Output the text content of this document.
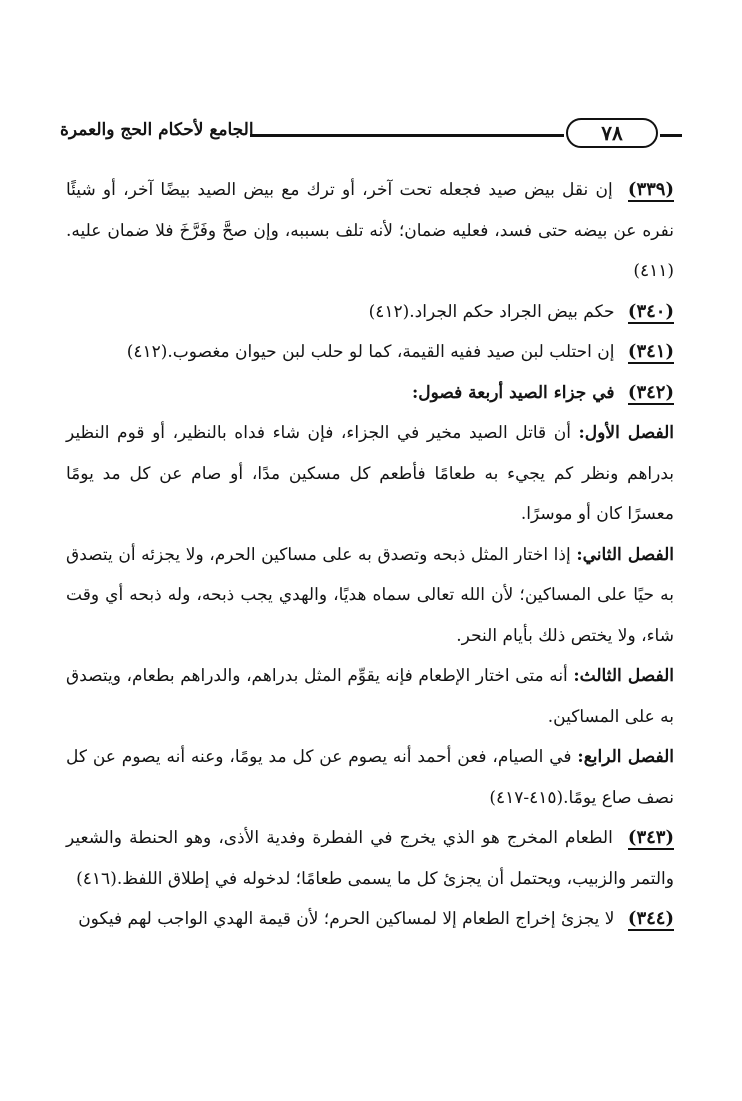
الجامع لأحكام الحج والعمرة	٧٨

(٣٣٩) إن نقل بيض صيد فجعله تحت آخر، أو ترك مع بيض الصيد بيضًا آخر، أو شيئًا نفره عن بيضه حتى فسد، فعليه ضمان؛ لأنه تلف بسببه، وإن صحَّ وفَرَّخَ فلا ضمان عليه.(٤١١)

(٣٤٠) حكم بيض الجراد حكم الجراد.(٤١٢)

(٣٤١) إن احتلب لبن صيد ففيه القيمة، كما لو حلب لبن حيوان مغصوب.(٤١٢)

(٣٤٢) في جزاء الصيد أربعة فصول:

الفصل الأول: أن قاتل الصيد مخير في الجزاء، فإن شاء فداه بالنظير، أو قوم النظير بدراهم ونظر كم يجيء به طعامًا فأطعم كل مسكين مدًا، أو صام عن كل مد يومًا معسرًا كان أو موسرًا.

الفصل الثاني: إذا اختار المثل ذبحه وتصدق به على مساكين الحرم، ولا يجزئه أن يتصدق به حيًا على المساكين؛ لأن الله تعالى سماه هديًا، والهدي يجب ذبحه، وله ذبحه أي وقت شاء، ولا يختص ذلك بأيام النحر.

الفصل الثالث: أنه متى اختار الإطعام فإنه يقوِّم المثل بدراهم، والدراهم بطعام، ويتصدق به على المساكين.

الفصل الرابع: في الصيام، فعن أحمد أنه يصوم عن كل مد يومًا، وعنه أنه يصوم عن كل نصف صاع يومًا.(٤١٥-٤١٧)

(٣٤٣) الطعام المخرج هو الذي يخرج في الفطرة وفدية الأذى، وهو الحنطة والشعير والتمر والزبيب، ويحتمل أن يجزئ كل ما يسمى طعامًا؛ لدخوله في إطلاق اللفظ.(٤١٦)

(٣٤٤) لا يجزئ إخراج الطعام إلا لمساكين الحرم؛ لأن قيمة الهدي الواجب لهم فيكون
